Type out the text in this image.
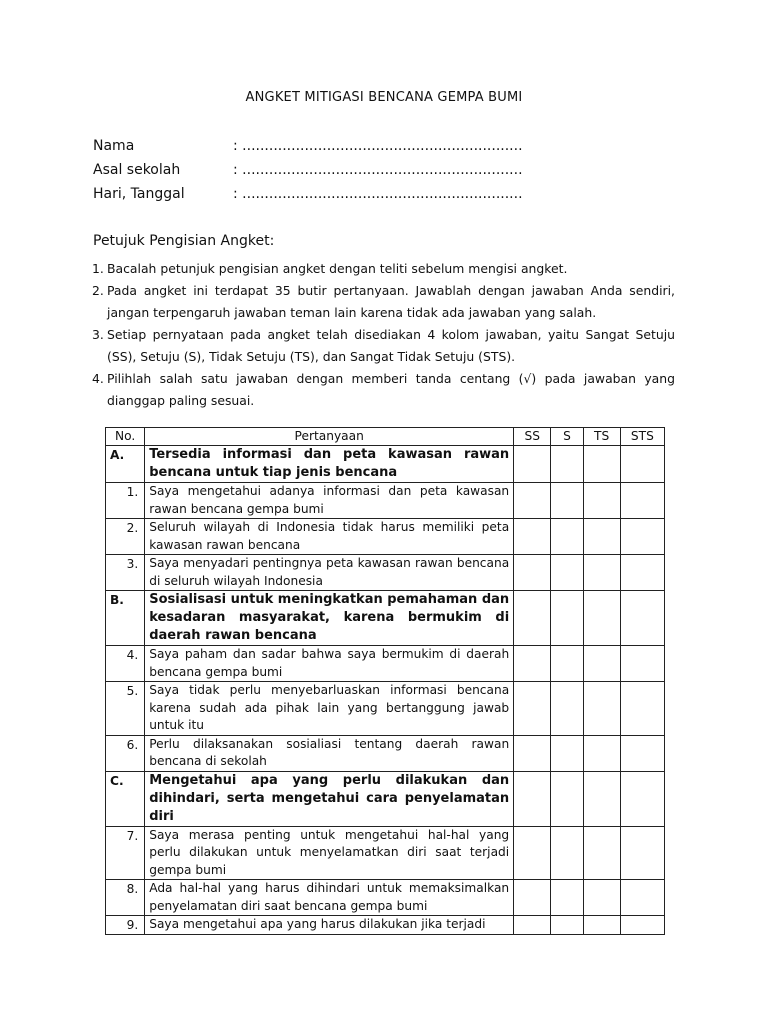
ANGKET MITIGASI BENCANA GEMPA BUMI
Nama	: ...............................................................
Asal sekolah	: ...............................................................
Hari, Tanggal	: ...............................................................
Petujuk Pengisian Angket:
1. Bacalah petunjuk pengisian angket dengan teliti sebelum mengisi angket.
2. Pada angket ini terdapat 35 butir pertanyaan. Jawablah dengan jawaban Anda sendiri, jangan terpengaruh jawaban teman lain karena tidak ada jawaban yang salah.
3. Setiap pernyataan pada angket telah disediakan 4 kolom jawaban, yaitu Sangat Setuju (SS), Setuju (S), Tidak Setuju (TS), dan Sangat Tidak Setuju (STS).
4. Pilihlah salah satu jawaban dengan memberi tanda centang (√) pada jawaban yang dianggap paling sesuai.
No.	Pertanyaan	SS	S	TS	STS
A.	Tersedia informasi dan peta kawasan rawan bencana untuk tiap jenis bencana				
1.	Saya mengetahui adanya informasi dan peta kawasan rawan bencana gempa bumi				
2.	Seluruh wilayah di Indonesia tidak harus memiliki peta kawasan rawan bencana				
3.	Saya menyadari pentingnya peta kawasan rawan bencana di seluruh wilayah Indonesia				
B.	Sosialisasi untuk meningkatkan pemahaman dan kesadaran masyarakat, karena bermukim di daerah rawan bencana				
4.	Saya paham dan sadar bahwa saya bermukim di daerah bencana gempa bumi				
5.	Saya tidak perlu menyebarluaskan informasi bencana karena sudah ada pihak lain yang bertanggung jawab untuk itu				
6.	Perlu dilaksanakan sosialiasi tentang daerah rawan bencana di sekolah				
C.	Mengetahui apa yang perlu dilakukan dan dihindari, serta mengetahui cara penyelamatan diri				
7.	Saya merasa penting untuk mengetahui hal-hal yang perlu dilakukan untuk menyelamatkan diri saat terjadi gempa bumi				
8.	Ada hal-hal yang harus dihindari untuk memaksimalkan penyelamatan diri saat bencana gempa bumi				
9.	Saya mengetahui apa yang harus dilakukan jika terjadi				
